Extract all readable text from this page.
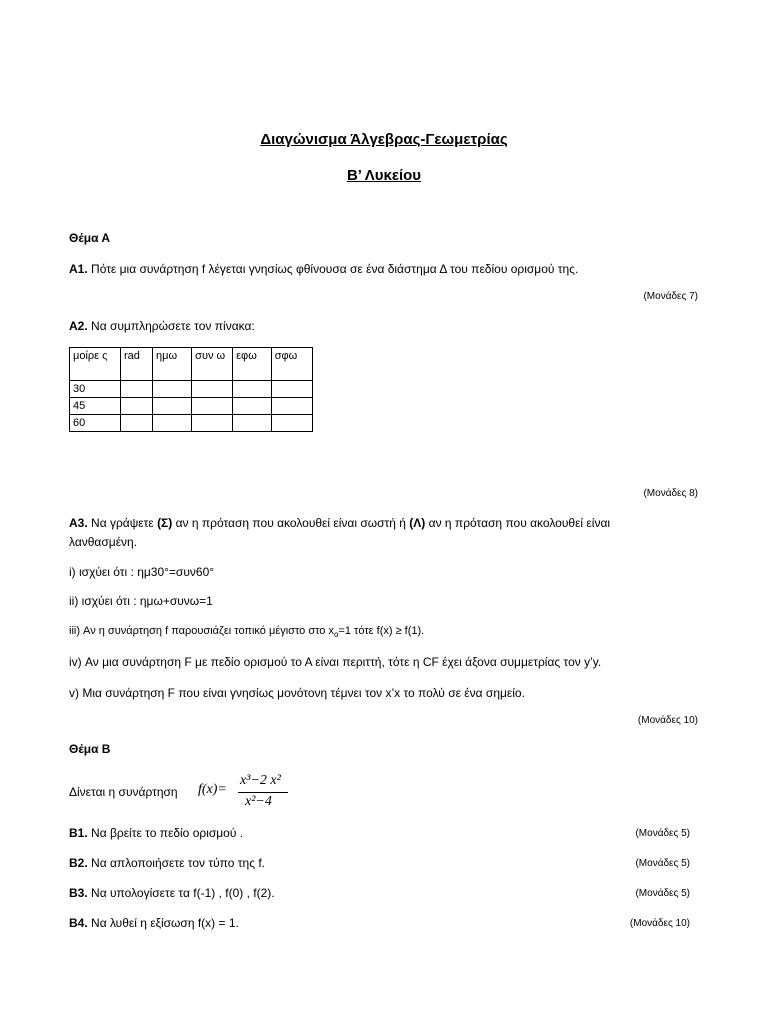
Διαγώνισμα Άλγεβρας-Γεωμετρίας
Β’ Λυκείου
Θέμα Α
Α1. Πότε μια συνάρτηση f λέγεται γνησίως φθίνουσα σε ένα διάστημα Δ του πεδίου ορισμού της.
(Μονάδες 7)
Α2. Να συμπληρώσετε τον πίνακα:
μοίρε ς	rad	ημω	συν ω	εφω	σφω
30					
45					
60					
(Μονάδες 8)
Α3. Να γράψετε (Σ) αν η πρόταση που ακολουθεί είναι σωστή ή (Λ) αν η πρόταση που ακολουθεί είναι
λανθασμένη.
i) ισχύει ότι : ημ30°=συν60°
ii) ισχύει ότι : ημω+συνω=1
iii) Αν η συνάρτηση f παρουσιάζει τοπικό μέγιστο στο $x_o=1$ τότε f(x) ≥ f(1).
iv) Αν μια συνάρτηση F με πεδίο ορισμού το Α είναι περιττή, τότε η CF έχει άξονα συμμετρίας τον y’y.
v) Μια συνάρτηση F που είναι γνησίως μονότονη τέμνει τον x’x το πολύ σε ένα σημείο.
(Μονάδες 10)
Θέμα Β
Δίνεται η συνάρτηση f(x)=
x³−2 x²
x²−4
Β1. Να βρείτε το πεδίο ορισμού .	(Μονάδες 5)
Β2. Να απλοποιήσετε τον τύπο της f.	(Μονάδες 5)
Β3. Να υπολογίσετε τα f(-1) , f(0) , f(2).	(Μονάδες 5)
Β4. Να λυθεί η εξίσωση f(x) = 1.	(Μονάδες 10)
